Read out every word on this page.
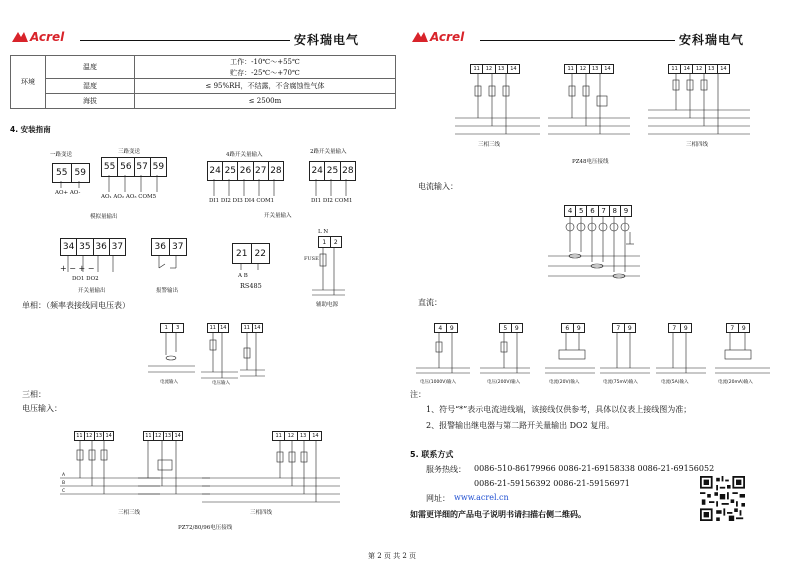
Acrel	安科瑞电气	Acrel	安科瑞电气
环境	温度	工作：-10℃～+55℃
		贮存：-25℃～+70℃
	湿度	≤ 95%RH，不结露，不含腐蚀性气体
	海拔	≤ 2500m
4. 安装指南
一路变送
55 59
AO+ AO-
三路变送
55 56 57 59
AO₁ AO₂ AO₃ COM5
模拟量输出
4路开关量输入
24 25 26 27 28
DI1 DI2 DI3 DI4 COM1
2路开关量输入
24 25 28
DI1 DI2 COM1
开关量输入
34 35 36 37
+ − + −
DO1 DO2
开关量输出
36 37
报警输出
21 22
A B
RS485
L N
1	2
FUSE
辅助电源
单相：（频率表接线同电压表）
1	3	11 14	11 14
电流输入	电压输入
三相：
电压输入：
11 12 13 14	11 12 13 14	11	12	13	14
A
B
C
三相三线
PZ72/80/96电压接线
三相四线
11	12	13	14	11	12	13	14	11	14	12	13	14
三相三线
PZ48电压接线
三相四线
电流输入：
4 5 6 7 8 9
直流：
4	9	5	9	6	9	7	9	7	9	7	9
电压(1000V)输入	电压(200V)输入	电流(20V)输入	电流(75mV)输入	电流(5A)输入	电流(20mA)输入
注：
1、符号“*”表示电流进线端，该接线仅供参考，具体以仪表上接线图为准；
2、报警输出继电器与第二路开关量输出 DO2 复用。
5. 联系方式
服务热线： 0086-510-86179966 0086-21-69158338 0086-21-69156052
0086-21-59156392 0086-21-59156971
网址： www.acrel.cn
如需更详细的产品电子说明书请扫描右侧二维码。
第 2 页 共 2 页
